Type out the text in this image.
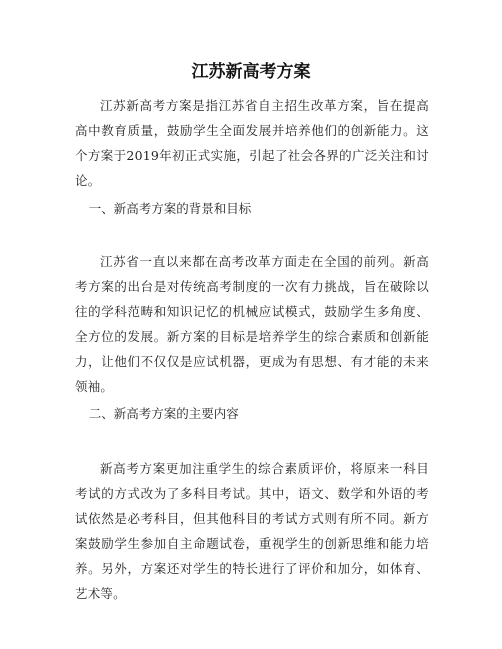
江苏新高考方案

江苏新高考方案是指江苏省自主招生改革方案，旨在提高高中教育质量，鼓励学生全面发展并培养他们的创新能力。这个方案于2019年初正式实施，引起了社会各界的广泛关注和讨论。

一、新高考方案的背景和目标

江苏省一直以来都在高考改革方面走在全国的前列。新高考方案的出台是对传统高考制度的一次有力挑战，旨在破除以往的学科范畴和知识记忆的机械应试模式，鼓励学生多角度、全方位的发展。新方案的目标是培养学生的综合素质和创新能力，让他们不仅仅是应试机器，更成为有思想、有才能的未来领袖。

二、新高考方案的主要内容

新高考方案更加注重学生的综合素质评价，将原来一科目考试的方式改为了多科目考试。其中，语文、数学和外语的考试依然是必考科目，但其他科目的考试方式则有所不同。新方案鼓励学生参加自主命题试卷，重视学生的创新思维和能力培养。另外，方案还对学生的特长进行了评价和加分，如体育、艺术等。
